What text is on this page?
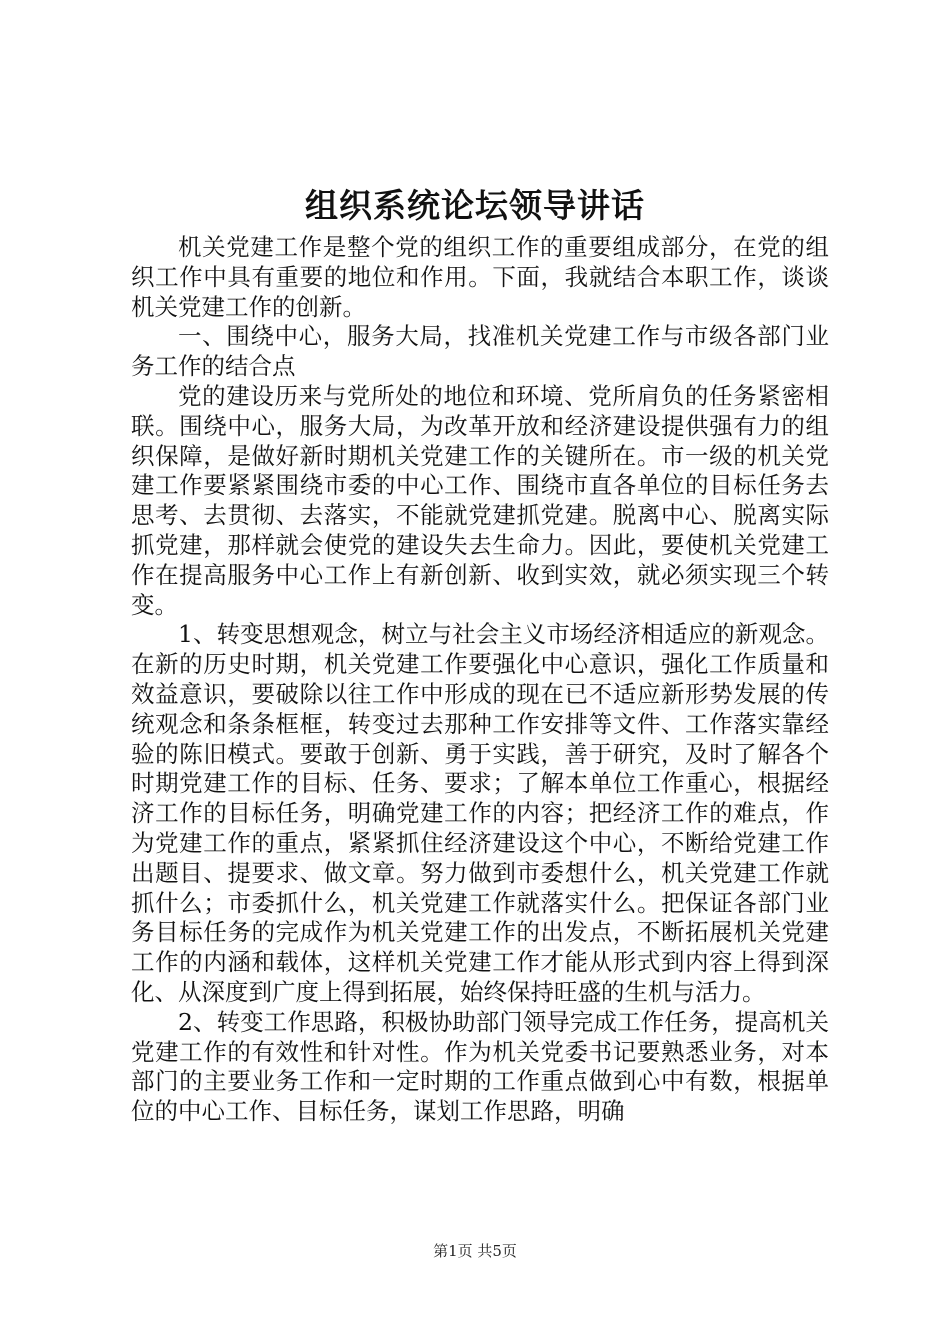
组织系统论坛领导讲话

机关党建工作是整个党的组织工作的重要组成部分，在党的组织工作中具有重要的地位和作用。下面，我就结合本职工作，谈谈机关党建工作的创新。

一、围绕中心，服务大局，找准机关党建工作与市级各部门业务工作的结合点

党的建设历来与党所处的地位和环境、党所肩负的任务紧密相联。围绕中心，服务大局，为改革开放和经济建设提供强有力的组织保障，是做好新时期机关党建工作的关键所在。市一级的机关党建工作要紧紧围绕市委的中心工作、围绕市直各单位的目标任务去思考、去贯彻、去落实，不能就党建抓党建。脱离中心、脱离实际抓党建，那样就会使党的建设失去生命力。因此，要使机关党建工作在提高服务中心工作上有新创新、收到实效，就必须实现三个转变。

1、转变思想观念，树立与社会主义市场经济相适应的新观念。在新的历史时期，机关党建工作要强化中心意识，强化工作质量和效益意识，要破除以往工作中形成的现在已不适应新形势发展的传统观念和条条框框，转变过去那种工作安排等文件、工作落实靠经验的陈旧模式。要敢于创新、勇于实践，善于研究，及时了解各个时期党建工作的目标、任务、要求；了解本单位工作重心，根据经济工作的目标任务，明确党建工作的内容；把经济工作的难点，作为党建工作的重点，紧紧抓住经济建设这个中心，不断给党建工作出题目、提要求、做文章。努力做到市委想什么，机关党建工作就抓什么；市委抓什么，机关党建工作就落实什么。把保证各部门业务目标任务的完成作为机关党建工作的出发点，不断拓展机关党建工作的内涵和载体，这样机关党建工作才能从形式到内容上得到深化、从深度到广度上得到拓展，始终保持旺盛的生机与活力。

2、转变工作思路，积极协助部门领导完成工作任务，提高机关党建工作的有效性和针对性。作为机关党委书记要熟悉业务，对本部门的主要业务工作和一定时期的工作重点做到心中有数，根据单位的中心工作、目标任务，谋划工作思路，明确

第1页 共5页
